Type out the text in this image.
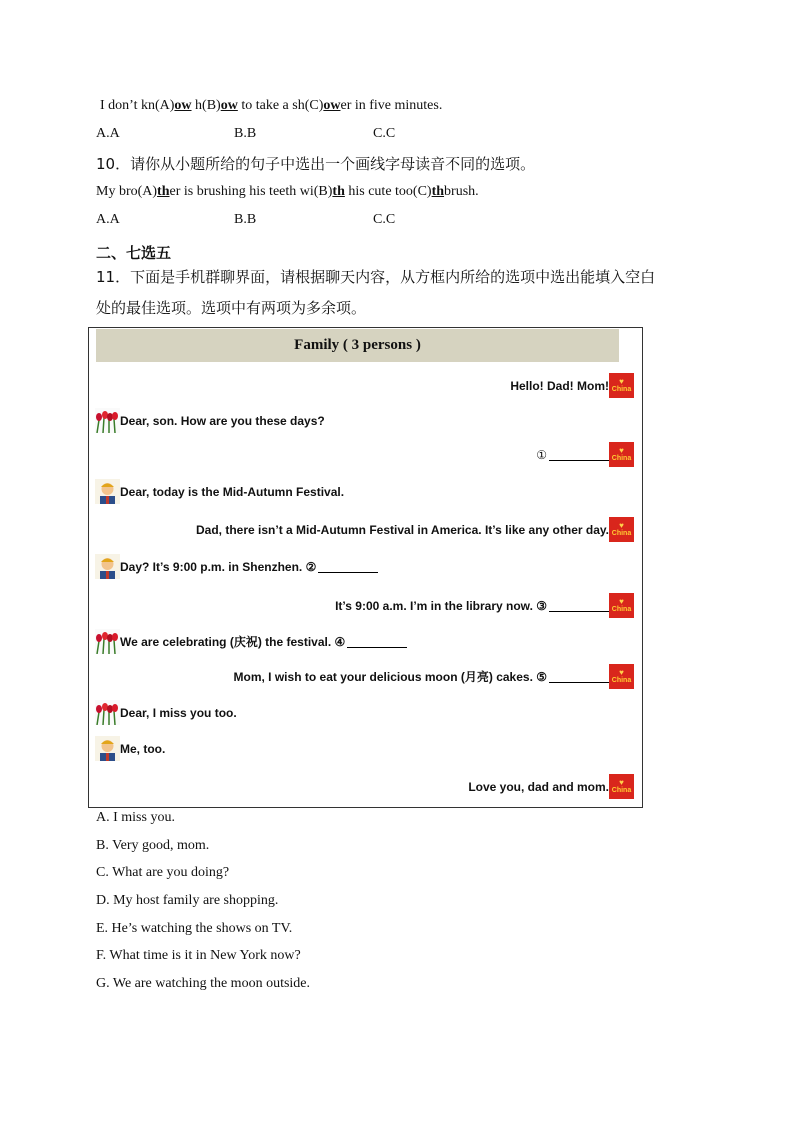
I don’t kn(A)ow h(B)ow to take a sh(C)ower in five minutes.
A.A	B.B	C.C
10．请你从小题所给的句子中选出一个画线字母读音不同的选项。
My bro(A)ther is brushing his teeth wi(B)th his cute too(C)thbrush.
A.A	B.B	C.C
二、七选五
11．下面是手机群聊界面，请根据聊天内容，从方框内所给的选项中选出能填入空白
处的最佳选项。选项中有两项为多余项。
Family ( 3 persons )
Hello! Dad! Mom! ♥
China
Dear, son. How are you these days?
①	♥
China
Dear, today is the Mid-Autumn Festival.
Dad, there isn’t a Mid-Autumn Festival in America. It’s like any other day. ♥
China
Day? It’s 9:00 p.m. in Shenzhen. ②
It’s 9:00 a.m. I’m in the library now. ③	♥
China
We are celebrating (庆祝) the festival. ④
Mom, I wish to eat your delicious moon (月亮) cakes. ⑤	♥
China
Dear, I miss you too.
Me, too.
Love you, dad and mom. ♥
China
A. I miss you.
B. Very good, mom.
C. What are you doing?
D. My host family are shopping.
E. He’s watching the shows on TV.
F. What time is it in New York now?
G. We are watching the moon outside.
